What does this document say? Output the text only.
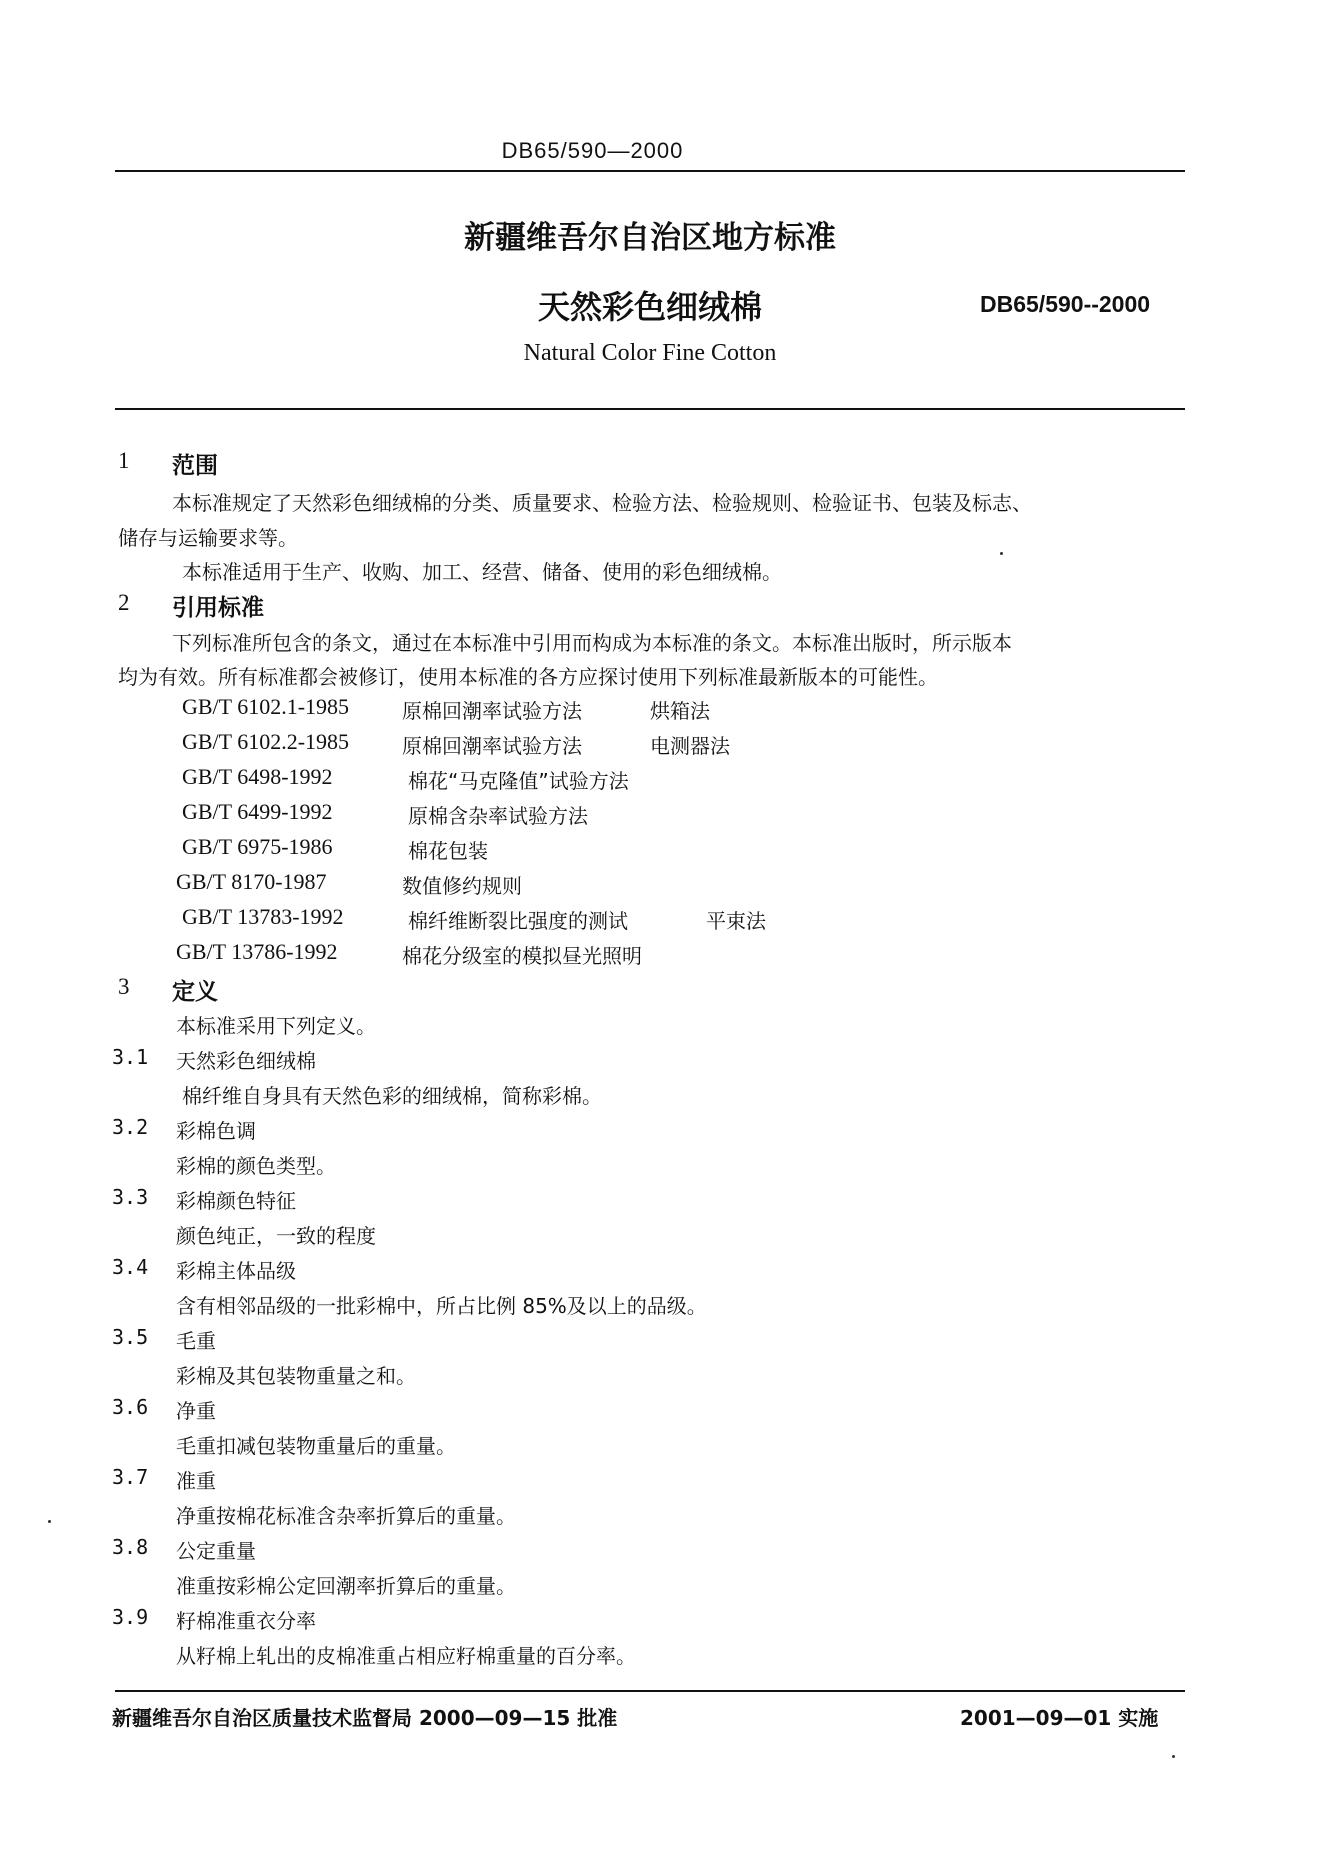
DB65/590—2000
新疆维吾尔自治区地方标准
天然彩色细绒棉	DB65/590--2000
Natural Color Fine Cotton
1 范围
本标准规定了天然彩色细绒棉的分类、质量要求、检验方法、检验规则、检验证书、包装及标志、
储存与运输要求等。
本标准适用于生产、收购、加工、经营、储备、使用的彩色细绒棉。
2 引用标准
下列标准所包含的条文，通过在本标准中引用而构成为本标准的条文。本标准出版时，所示版本
均为有效。所有标准都会被修订，使用本标准的各方应探讨使用下列标准最新版本的可能性。
GB/T 6102.1-1985	原棉回潮率试验方法	烘箱法
GB/T 6102.2-1985	原棉回潮率试验方法	电测器法
GB/T 6498-1992	棉花“马克隆值”试验方法
GB/T 6499-1992	原棉含杂率试验方法
GB/T 6975-1986	棉花包装
GB/T 8170-1987	数值修约规则
GB/T 13783-1992	棉纤维断裂比强度的测试	平束法
GB/T 13786-1992	棉花分级室的模拟昼光照明
3 定义
本标准采用下列定义。
3.1 天然彩色细绒棉
棉纤维自身具有天然色彩的细绒棉，简称彩棉。
3.2 彩棉色调
彩棉的颜色类型。
3.3 彩棉颜色特征
颜色纯正，一致的程度
3.4 彩棉主体品级
含有相邻品级的一批彩棉中，所占比例 85%及以上的品级。
3.5 毛重
彩棉及其包装物重量之和。
3.6 净重
毛重扣减包装物重量后的重量。
3.7 准重
净重按棉花标准含杂率折算后的重量。
3.8 公定重量
准重按彩棉公定回潮率折算后的重量。
3.9 籽棉准重衣分率
从籽棉上轧出的皮棉准重占相应籽棉重量的百分率。
新疆维吾尔自治区质量技术监督局 2000—09—15 批准	2001—09—01 实施
